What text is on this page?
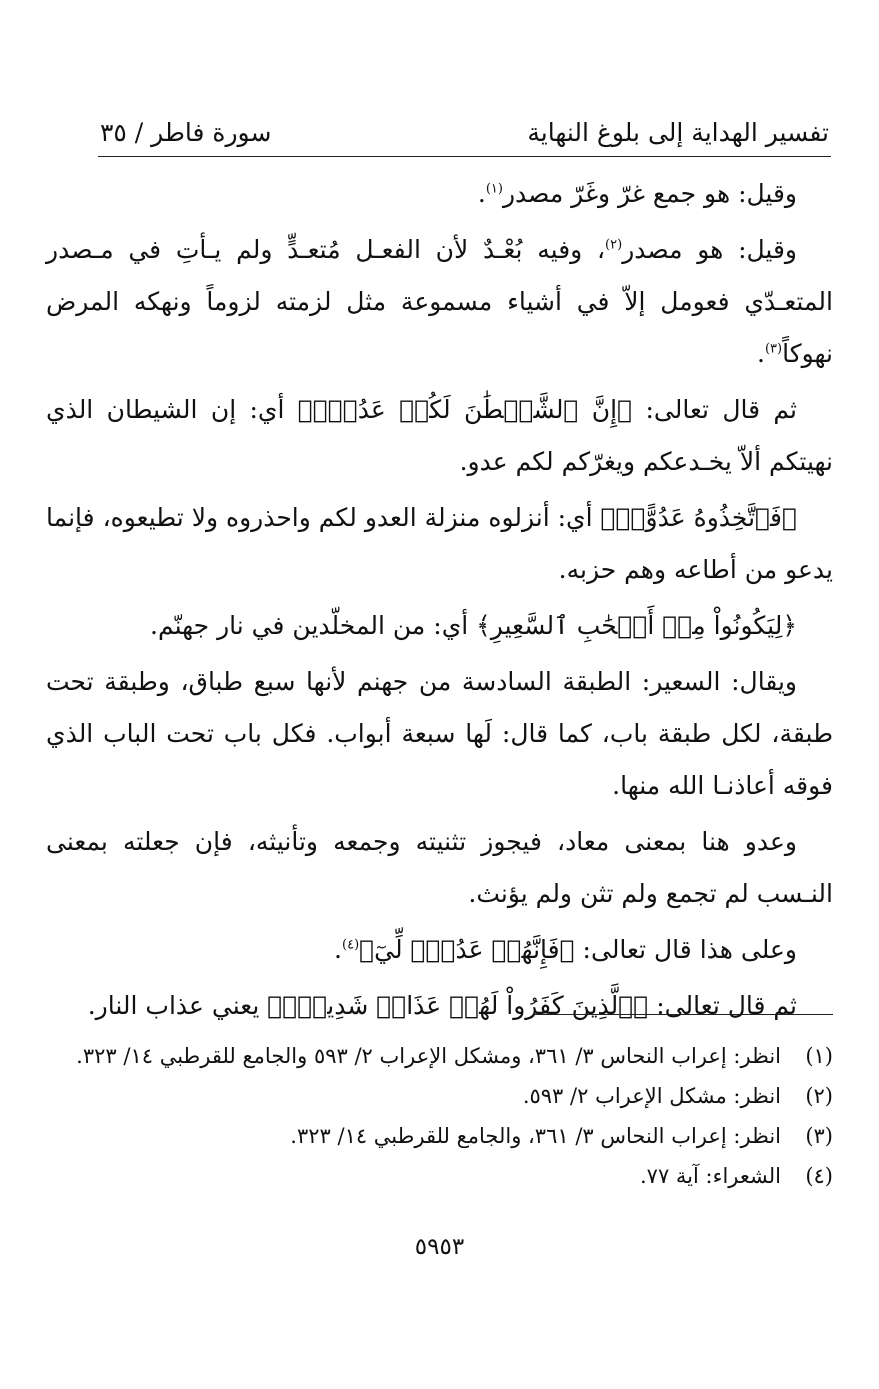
تفسير الهداية إلى بلوغ النهاية
سورة فاطر / ٣٥

وقيل: هو جمع غرّ وغَرّ مصدر$^{(١)}$.

وقيل: هو مصدر$^{(٢)}$، وفيه بُعْـدٌ لأن الفعـل مُتعـدٍّ ولم يـأتِ في مـصدر المتعـدّي فعومل إلاّ في أشياء مسموعة مثل لزمته لزوماً ونهكه المرض نهوكاً$^{(٣)}$.

ثم قال تعالى: ﴿إِنَّ ٱلشَّيۡطَٰنَ لَكُمۡ عَدُوّٞ﴾ أي: إن الشيطان الذي نهيتكم ألاّ يخـدعكم ويغرّكم لكم عدو.

﴿فَٱتَّخِذُوهُ عَدُوًّاۚ﴾ أي: أنزلوه منزلة العدو لكم واحذروه ولا تطيعوه، فإنما يدعو من أطاعه وهم حزبه.

﴿لِيَكُونُواْ مِنۡ أَصۡحَٰبِ ٱلسَّعِيرِ﴾ أي: من المخلّدين في نار جهنّم.

ويقال: السعير: الطبقة السادسة من جهنم لأنها سبع طباق، وطبقة تحت طبقة، لكل طبقة باب، كما قال: لَها سبعة أبواب. فكل باب تحت الباب الذي فوقه أعاذنـا الله منها.

وعدو هنا بمعنى معاد، فيجوز تثنيته وجمعه وتأنيثه، فإن جعلته بمعنى النـسب لم تجمع ولم تثن ولم يؤنث.

وعلى هذا قال تعالى: ﴿فَإِنَّهُمۡ عَدُوّٞ لِّيٓ﴾$^{(٤)}$.

ثم قال تعالى: ﴿ٱلَّذِينَ كَفَرُواْ لَهُمۡ عَذَابٞ شَدِيدٞۖ﴾ يعني عذاب النار.

(١)
انظر: إعراب النحاس ٣/ ٣٦١، ومشكل الإعراب ٢/ ٥٩٣ والجامع للقرطبي ١٤/ ٣٢٣.
(٢)
انظر: مشكل الإعراب ٢/ ٥٩٣.
(٣)
انظر: إعراب النحاس ٣/ ٣٦١، والجامع للقرطبي ١٤/ ٣٢٣.
(٤)
الشعراء: آية ٧٧.
٥٩٥٣
